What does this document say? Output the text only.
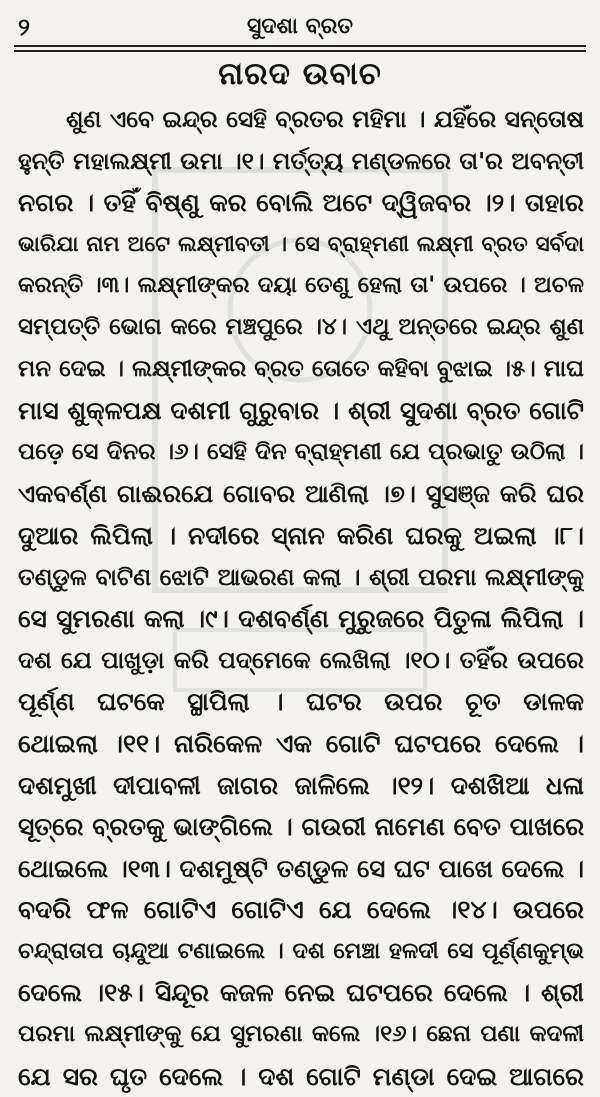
୨	ସୁଦଶା ବ୍ରତ
ନାରଦ ଉବାଚ
ଶୁଣ ଏବେ ଇନ୍ଦ୍ର ସେହି ବ୍ରତର ମହିମା । ଯହିଁରେ ସନ୍ତୋଷ
ହୁନ୍ତି ମହାଲକ୍ଷ୍ମୀ ଉମା ।୧। ମର୍ତ୍ତ୍ୟ ମଣ୍ଡଳରେ ତା'ର ଅବନ୍ତୀ
ନଗର । ତହିଁ ବିଷ୍ଣୁ କର ବୋଲି ଅଟେ ଦ୍ୱିଜବର ।୨। ତାହାର
ଭାରିଯା ନାମ ଅଟେ ଲକ୍ଷ୍ମୀବତୀ । ସେ ବ୍ରାହ୍ମଣୀ ଲକ୍ଷ୍ମୀ ବ୍ରତ ସର୍ବଦା
କରନ୍ତି ।୩। ଲକ୍ଷ୍ମୀଙ୍କର ଦୟା ତେଣୁ ହେଲା ତା' ଉପରେ । ଅଚଳ
ସମ୍ପତ୍ତି ଭୋଗ କରେ ମଞ୍ଚପୁରେ ।୪। ଏଥୁ ଅନ୍ତରେ ଇନ୍ଦ୍ର ଶୁଣ
ମନ ଦେଇ । ଲକ୍ଷ୍ମୀଙ୍କର ବ୍ରତ ତୋତେ କହିବା ବୁଝାଇ ।୫। ମାଘ
ମାସ ଶୁକ୍ଳପକ୍ଷ ଦଶମୀ ଗୁରୁବାର । ଶ୍ରୀ ସୁଦଶା ବ୍ରତ ଗୋଟି
ପଡ଼େ ସେ ଦିନର ।୬। ସେହି ଦିନ ବ୍ରାହ୍ମଣୀ ଯେ ପ୍ରଭାତୁ ଉଠିଲା ।
ଏକବର୍ଣ୍ଣ ଗାଈରଯେ ଗୋବର ଆଣିଲା ।୭। ସୁସଞ୍ଜ କରି ଘର
ଦୁଆର ଲିପିଲା । ନଦୀରେ ସ୍ନାନ କରିଣ ଘରକୁ ଅଇଲା ।୮।
ତଣ୍ଡୁଳ ବାଟିଣ ଝୋଟି ଆଭରଣ କଲା । ଶ୍ରୀ ପରମା ଲକ୍ଷ୍ମୀଙ୍କୁ
ସେ ସୁମରଣା କଲା ।୯। ଦଶବର୍ଣ୍ଣ ମୁରୁଜରେ ପିତୁଳା ଲିପିଲା ।
ଦଶ ଯେ ପାଖୁଡ଼ା କରି ପଦ୍ମେକେ ଲେଖିଲା ।୧୦। ତହିଁର ଉପରେ
ପୂର୍ଣ୍ଣ ଘଟକେ ସ୍ଥାପିଲା । ଘଟର ଉପର ଚୂତ ଡାଳକ
ଥୋଇଲା ।୧୧। ନାରିକେଳ ଏକ ଗୋଟି ଘଟପରେ ଦେଲେ ।
ଦଶମୁଖୀ ଦୀପାବଳୀ ଜାଗର ଜାଳିଲେ ।୧୨। ଦଶଖିଆ ଧଳା
ସୂତ୍ରେ ବ୍ରତକୁ ଭାଙ୍ଗିଲେ । ଗଉରୀ ନାମେଣ ବେତ ପାଖରେ
ଥୋଇଲେ ।୧୩। ଦଶମୁଷ୍ଟି ତଣ୍ଡୁଳ ସେ ଘଟ ପାଖେ ଦେଲେ ।
ବଦରି ଫଳ ଗୋଟିଏ ଗୋଟିଏ ଯେ ଦେଲେ ।୧୪। ଉପରେ
ଚନ୍ଦ୍ରାତାପ ଚାନ୍ଦୁଆ ଟଣାଇଲେ । ଦଶ ମେଞ୍ଚା ହଳଦୀ ସେ ପୂର୍ଣ୍ଣକୁମ୍ଭ
ଦେଲେ ।୧୫। ସିନ୍ଦୂର କଜଳ ନେଇ ଘଟପରେ ଦେଲେ । ଶ୍ରୀ
ପରମା ଲକ୍ଷ୍ମୀଙ୍କୁ ଯେ ସୁମରଣା କଲେ ।୧୬। ଛେନା ପଣା କଦଳୀ
ଯେ ସର ଘୃତ ଦେଲେ । ଦଶ ଗୋଟି ମଣ୍ଡା ଦେଇ ଆଗରେ
